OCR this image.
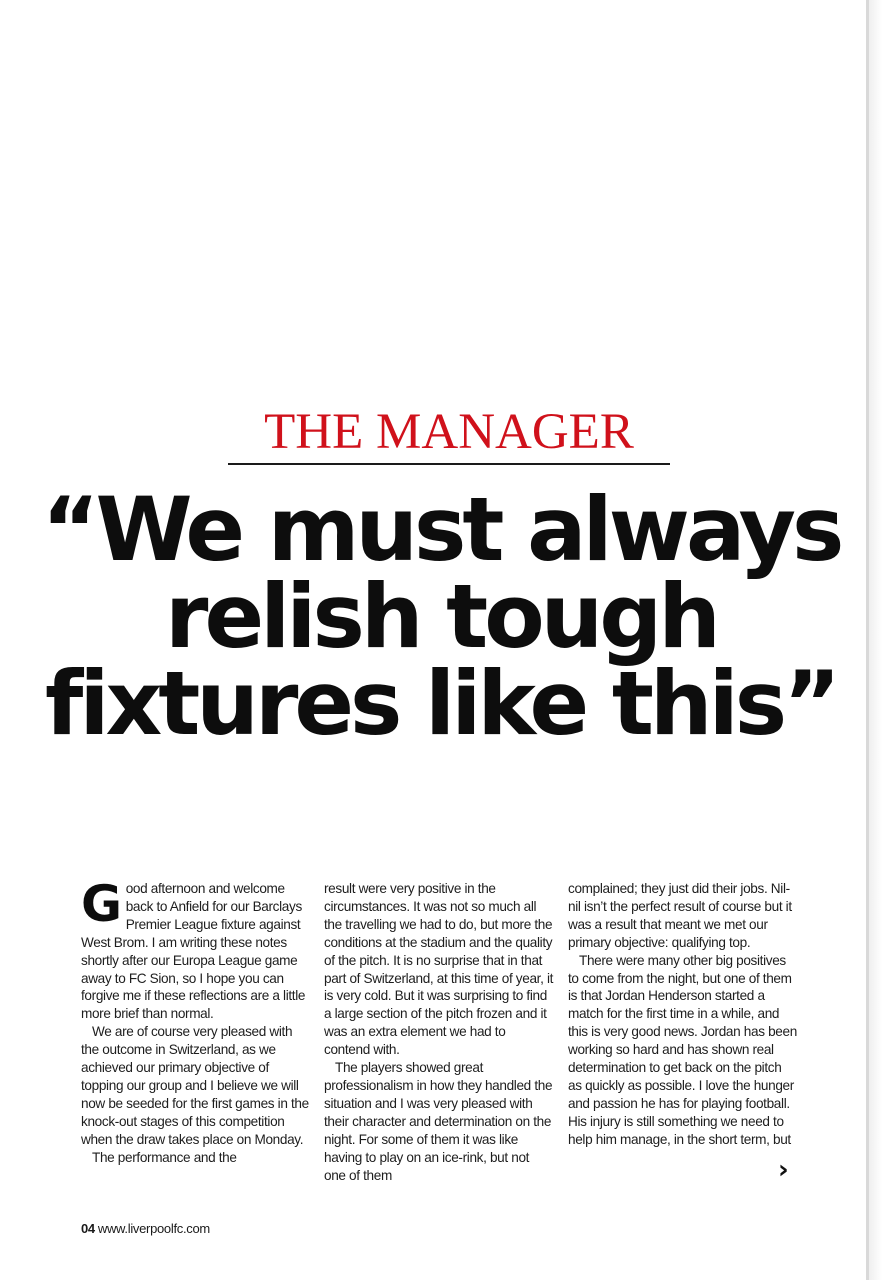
THE MANAGER
“We must always relish tough fixtures like this”

Good afternoon and welcome back to Anfield for our Barclays Premier League fixture against West Brom. I am writing these notes shortly after our Europa League game away to FC Sion, so I hope you can forgive me if these reflections are a little more brief than normal.

We are of course very pleased with the outcome in Switzerland, as we achieved our primary objective of topping our group and I believe we will now be seeded for the first games in the knock-out stages of this competition when the draw takes place on Monday.

The performance and the

result were very positive in the circumstances. It was not so much all the travelling we had to do, but more the conditions at the stadium and the quality of the pitch. It is no surprise that in that part of Switzerland, at this time of year, it is very cold. But it was surprising to find a large section of the pitch frozen and it was an extra element we had to contend with.

The players showed great professionalism in how they handled the situation and I was very pleased with their character and determination on the night. For some of them it was like having to play on an ice-rink, but not one of them

complained; they just did their jobs. Nil-nil isn’t the perfect result of course but it was a result that meant we met our primary objective: qualifying top.

There were many other big positives to come from the night, but one of them is that Jordan Henderson started a match for the first time in a while, and this is very good news. Jordan has been working so hard and has shown real determination to get back on the pitch as quickly as possible. I love the hunger and passion he has for playing football. His injury is still something we need to help him manage, in the short term, but

›
04 www.liverpoolfc.com
